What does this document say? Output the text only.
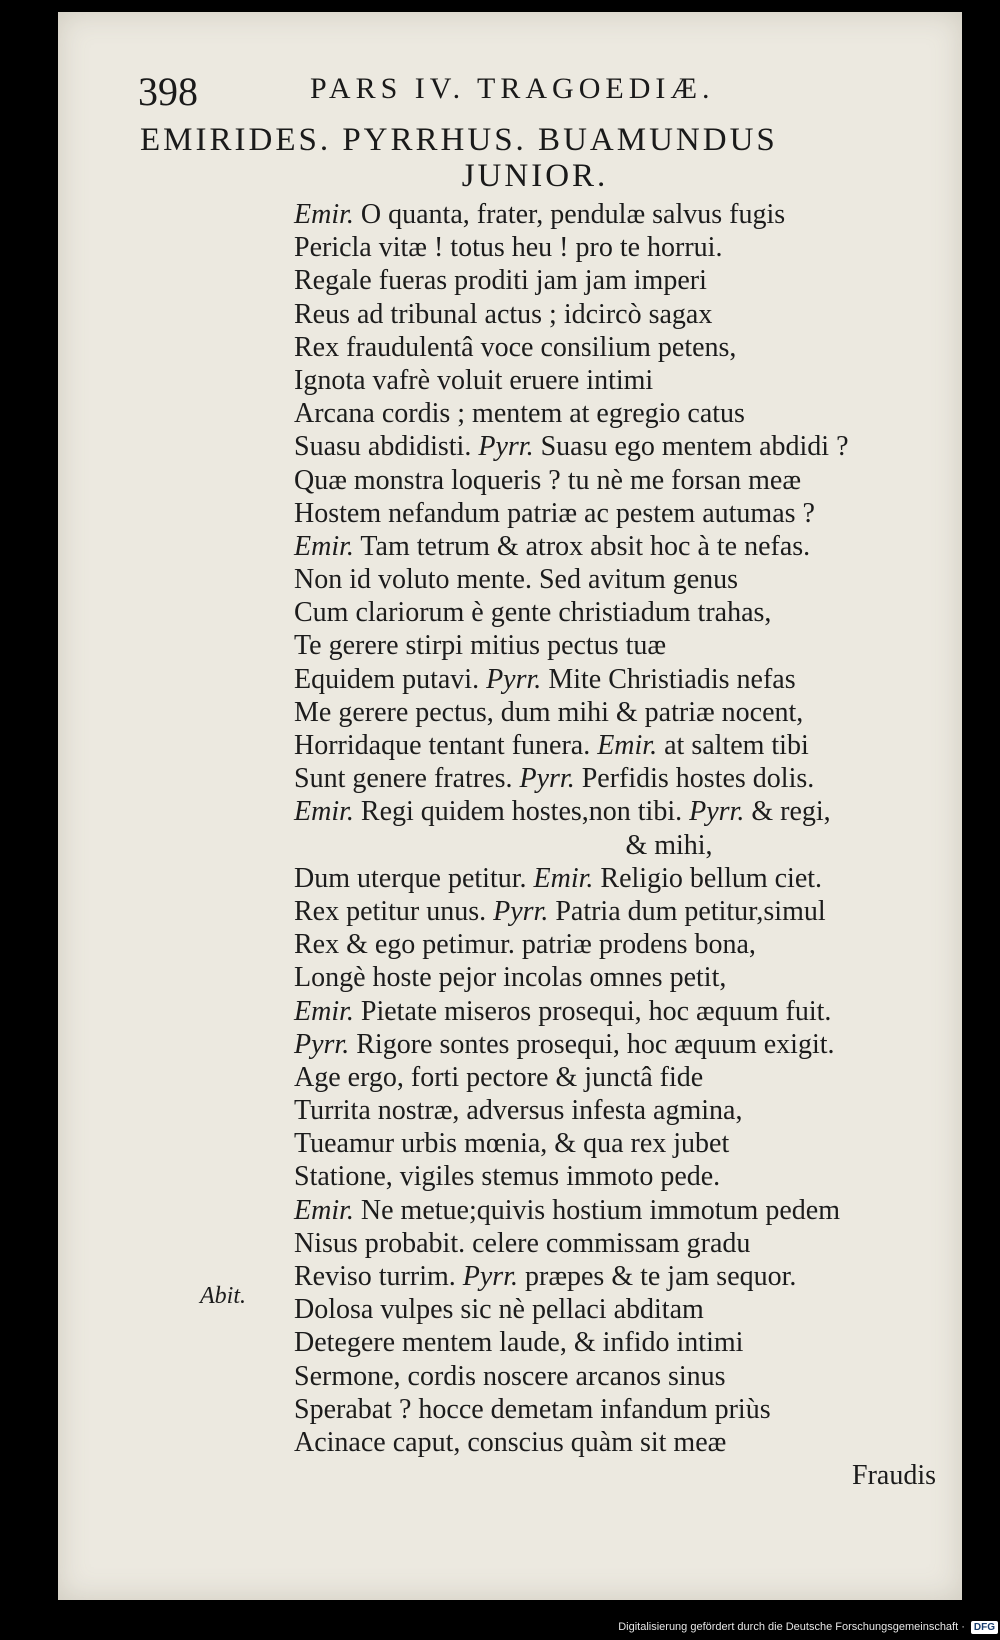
398	PARS IV. TRAGOEDIÆ.
EMIRIDES. PYRRHUS. BUAMUNDUS
JUNIOR.
Emir. O quanta, frater, pendulæ salvus fugis
Pericla vitæ ! totus heu ! pro te horrui.
Regale fueras proditi jam jam imperi
Reus ad tribunal actus ; idcircò sagax
Rex fraudulentâ voce consilium petens,
Ignota vafrè voluit eruere intimi
Arcana cordis ; mentem at egregio catus
Suasu abdidisti. Pyrr. Suasu ego mentem abdidi ?
Quæ monstra loqueris ? tu nè me forsan meæ
Hostem nefandum patriæ ac pestem autumas ?
Emir. Tam tetrum & atrox absit hoc à te nefas.
Non id voluto mente. Sed avitum genus
Cum clariorum è gente christiadum trahas,
Te gerere stirpi mitius pectus tuæ
Equidem putavi. Pyrr. Mite Christiadis nefas
Me gerere pectus, dum mihi & patriæ nocent,
Horridaque tentant funera. Emir. at saltem tibi
Sunt genere fratres. Pyrr. Perfidis hostes dolis.
Emir. Regi quidem hostes,non tibi. Pyrr. & regi,
& mihi,
Dum uterque petitur. Emir. Religio bellum ciet.
Rex petitur unus. Pyrr. Patria dum petitur,simul
Rex & ego petimur. patriæ prodens bona,
Longè hoste pejor incolas omnes petit,
Emir. Pietate miseros prosequi, hoc æquum fuit.
Pyrr. Rigore sontes prosequi, hoc æquum exigit.
Age ergo, forti pectore & junctâ fide
Turrita nostræ, adversus infesta agmina,
Tueamur urbis mœnia, & qua rex jubet
Statione, vigiles stemus immoto pede.
Emir. Ne metue;quivis hostium immotum pedem
Nisus probabit. celere commissam gradu
Reviso turrim. Pyrr. præpes & te jam sequor.
Dolosa vulpes sic nè pellaci abditam
Detegere mentem laude, & infido intimi
Sermone, cordis noscere arcanos sinus
Sperabat ? hocce demetam infandum priùs
Acinace caput, conscius quàm sit meæ
Fraudis
Abit.
Digitalisierung gefördert durch die Deutsche Forschungsgemeinschaft · DFG
